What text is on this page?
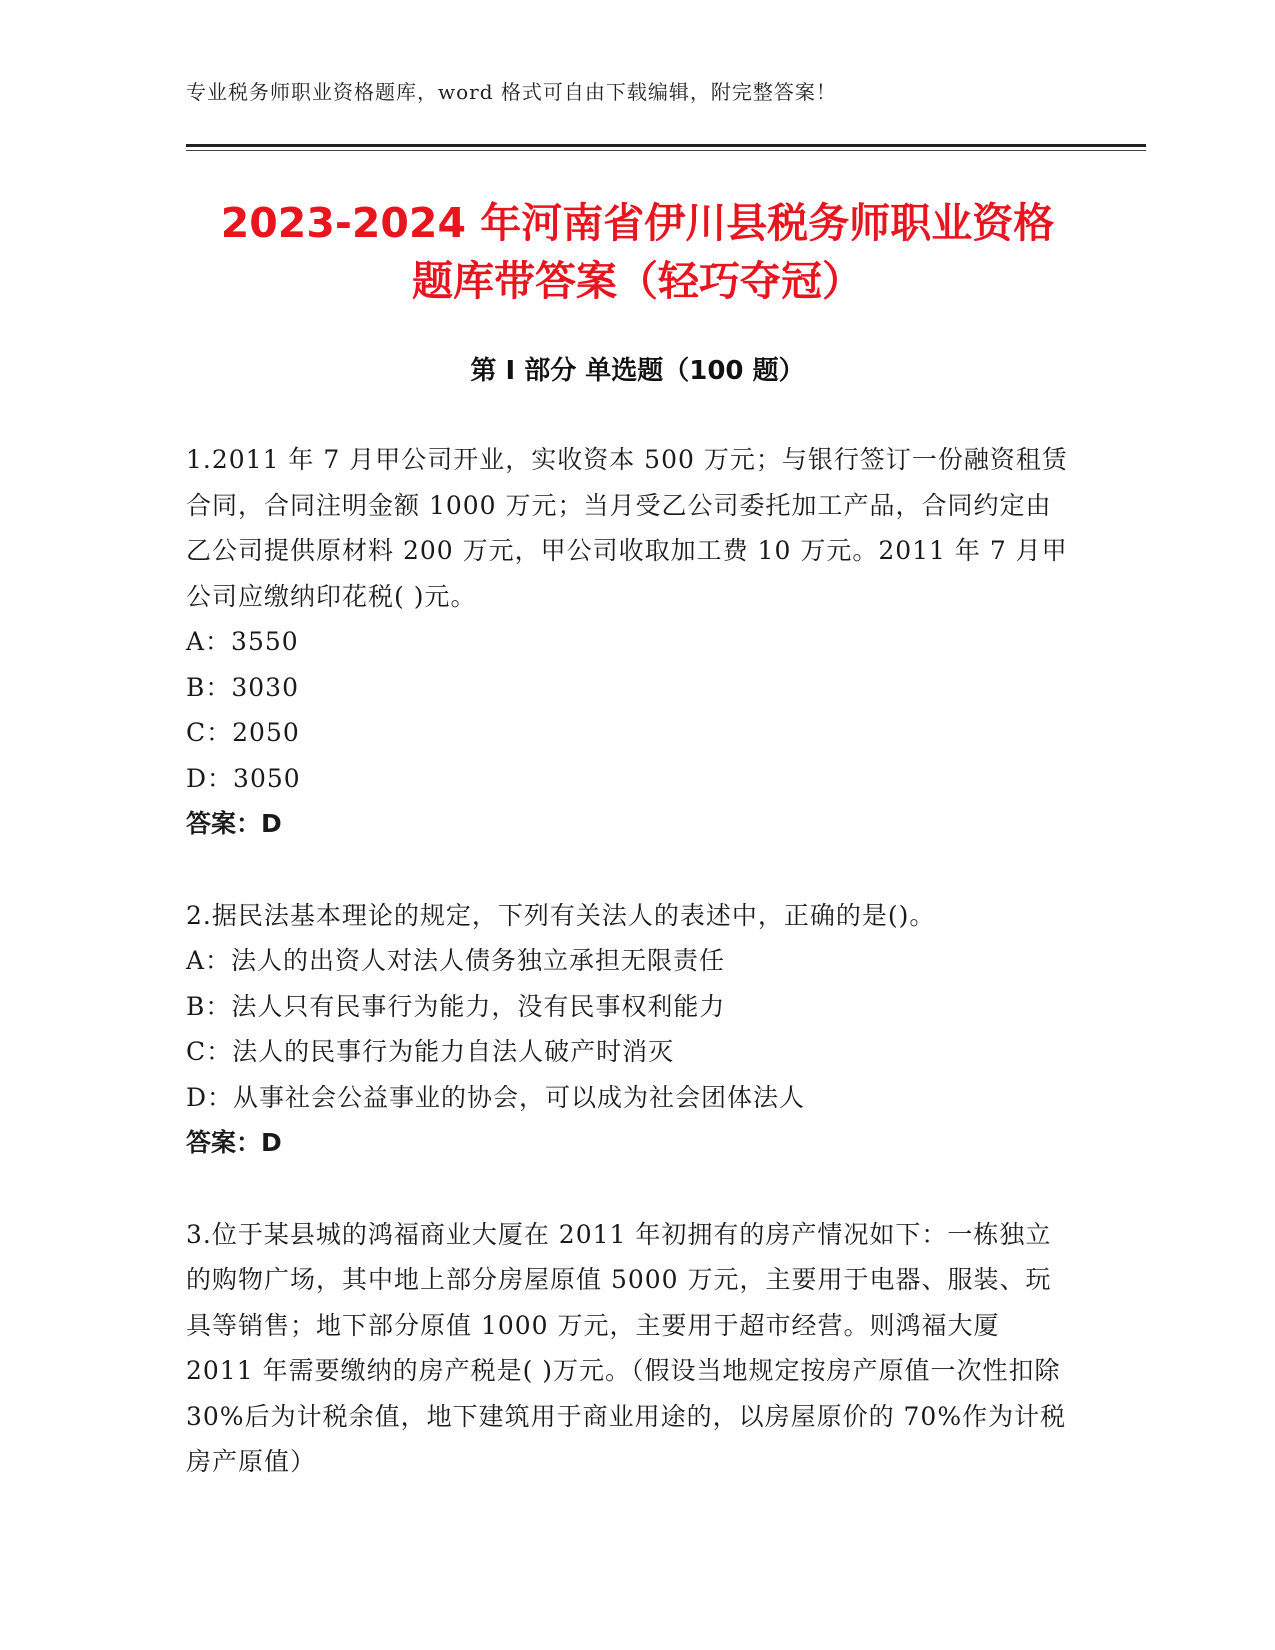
专业税务师职业资格题库，word 格式可自由下载编辑，附完整答案！
2023-2024 年河南省伊川县税务师职业资格
题库带答案（轻巧夺冠）
第 I 部分 单选题（100 题）

1.2011 年 7 月甲公司开业，实收资本 500 万元；与银行签订一份融资租赁合同，合同注明金额 1000 万元；当月受乙公司委托加工产品，合同约定由乙公司提供原材料 200 万元，甲公司收取加工费 10 万元。2011 年 7 月甲公司应缴纳印花税( )元。

A：3550

B：3030

C：2050

D：3050

答案：D

2.据民法基本理论的规定，下列有关法人的表述中，正确的是()。

A：法人的出资人对法人债务独立承担无限责任

B：法人只有民事行为能力，没有民事权利能力

C：法人的民事行为能力自法人破产时消灭

D：从事社会公益事业的协会，可以成为社会团体法人

答案：D

3.位于某县城的鸿福商业大厦在 2011 年初拥有的房产情况如下：一栋独立的购物广场，其中地上部分房屋原值 5000 万元，主要用于电器、服装、玩具等销售；地下部分原值 1000 万元，主要用于超市经营。则鸿福大厦 2011 年需要缴纳的房产税是( )万元。（假设当地规定按房产原值一次性扣除 30%后为计税余值，地下建筑用于商业用途的，以房屋原价的 70%作为计税房产原值）
